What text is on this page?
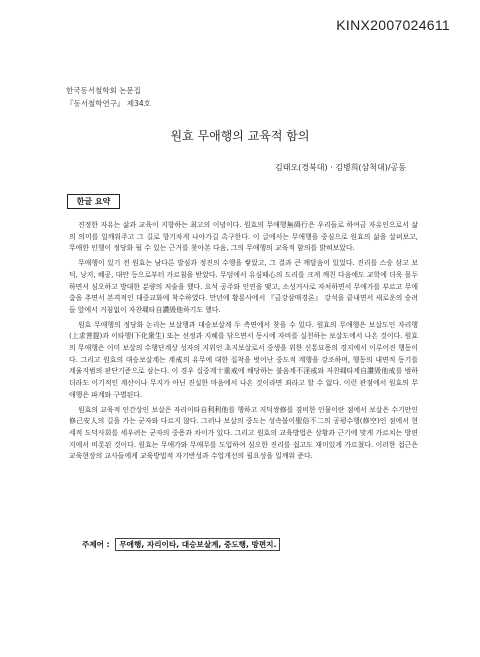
KINX2007024611
한국동서철학회 논문집
『동서철학연구』 제34호
원효 무애행의 교육적 함의
김태오(경북대) · 김병희(삼척대)/공동
한글 요약

진정한 자유는 삶과 교육이 지향하는 최고의 이념이다. 원효의 무애행無碍行은 우리들로 하여금 자유인으로서 삶의 의미를 일깨워주고 그 길로 향기차게 나아가길 촉구한다. 이 글에서는 무애행을 중심으로 원효의 삶을 살펴보고, 무애한 인행이 정당화 될 수 있는 근거를 찾아본 다음, 그의 무애행의 교육적 함의를 밝혀보았다.

무애행이 있기 전 원효는 남다른 발심과 정진의 수행을 쌓았고, 그 결과 큰 깨달음이 있었다. 진리를 스승 삼고 보덕, 낭지, 혜공, 대안 등으로부터 가르침을 받았다. 무덤에서 유심때心의 도리를 크게 깨친 다음에도 교학에 더욱 몰두하면서 심오하고 방대한 분량의 저술을 했다. 요석 공주와 인연을 맺고, 소성거사로 자처하면서 무애가를 부르고 무애춤을 추면서 본격적인 대중교화에 착수하였다. 만년에 황룡사에서 『금강삼매경론』 강석을 끝내면서 새로운의 승려들 앞에서 거침없이 자찬훼타自讚毁他하기도 했다.

원효 무애행의 정당화 논리는 보살행과 대승보살계 두 측면에서 찾을 수 있다. 원효의 무애행은 보살도인 자리행(上求菩提)과 이타행(下化衆生) 또는 선정과 지혜를 닦으면서 동시에 자비를 실천하는 보살도에서 나온 것이다. 원효의 무애행은 이미 보살의 수행단계상 성자의 지위인 초지보살로서 중생을 위한 신통묘용의 경지에서 이루어진 행동이다. 그리고 원효의 대승보살계는 계戒의 유무에 대한 집착을 벗어난 중도적 계행을 강조하며, 행동의 내면적 동기를 계율지범의 판단기준으로 삼는다. 이 경우 십중계十重戒에 해당하는 불음계不淫戒와 자찬훼타계自讚毁他戒를 범하더라도 이기적인 계산이나 무지가 아닌 진실한 마음에서 나온 것이라면 죄라고 할 수 없다. 이런 관점에서 원효의 무애행은 파계와 구별된다.

원효의 교육적 인간상인 보살은 자리이타自利利他를 행하고 지덕쌍修를 겸비한 인물이란 점에서 보살은 수기안인修己安人의 길을 가는 군자와 다르지 않다. 그러나 보살의 중도는 성속불이聖俗不二의 공평수행(修空)인 점에서 현세적 도덕사회를 세우려는 군자의 중용과 차이가 있다. 그리고 원효의 교육방법은 상황과 근기에 맞게 가르치는 방편지에서 비롯된 것이다. 원효는 무애가와 무애무를 도입하여 심오한 진리를 쉽고도 재미있게 가르쳤다. 이러한 접근은 교육현장의 교사들에게 교육방법적 자기반성과 수업개선의 필요성을 일깨워 준다.

주제어 : 무애행, 자리이타, 대승보살계, 중도행, 방편지.
